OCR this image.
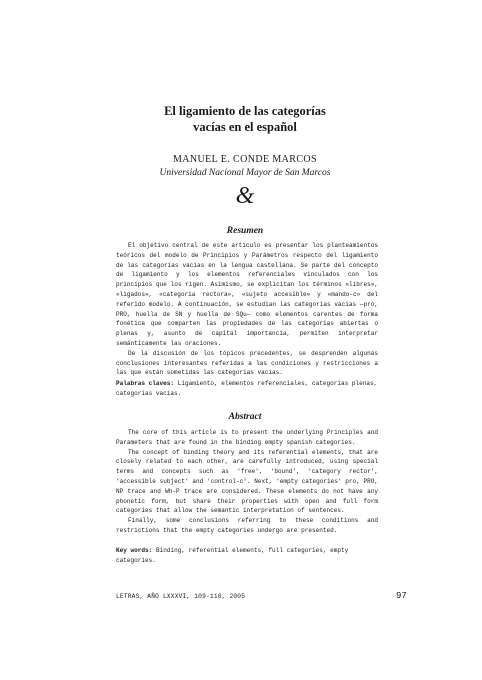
El ligamiento de las categorías
vacías en el español
MANUEL E. CONDE MARCOS
Universidad Nacional Mayor de San Marcos
&
Resumen

El objetivo central de este artículo es presentar los planteamientos teóricos del modelo de Principios y Parámetros respecto del ligamiento de las categorías vacías en la lengua castellana. Se parte del concepto de ligamiento y los elementos referenciales vinculados con los principios que los rigen. Asimismo, se explicitan los términos «libres», «ligados», «categoría rectora», «sujeto accesible» y «mando-c» del referido modelo. A continuación, se estudian las categorías vacías —pro, PRO, huella de SN y huella de SQu— como elementos carentes de forma fonética que comparten las propiedades de las categorías abiertas o plenas y, asunto de capital importancia, permiten interpretar semánticamente las oraciones.

De la discusión de los tópicos precedentes, se desprenden algunas conclusiones interesantes referidas a las condiciones y restricciones a las que están sometidas las categorías vacías.

Palabras claves: Ligamiento, elementos referenciales, categorías plenas, categorías vacías.
Abstract

The core of this article is to present the underlying Principles and Parameters that are found in the binding empty spanish categories.

The concept of binding theory and its referential elements, that are closely related to each other, are carefully introduced, using special terms and concepts such as 'free', 'bound', 'category rector', 'accessible subject' and 'control-c'. Next, 'empty categories' pro, PRO, NP trace and Wh-P trace are considered. These elements do not have any phonetic form, but share their properties with open and full form categories that allow the semantic interpretation of sentences.

Finally, some conclusions referring to these conditions and restrictions that the empty categories undergo are presented.

Key words: Binding, referential elements, full categories, empty categories.
LETRAS, AÑO LXXXVI, 109-110, 2005	97
